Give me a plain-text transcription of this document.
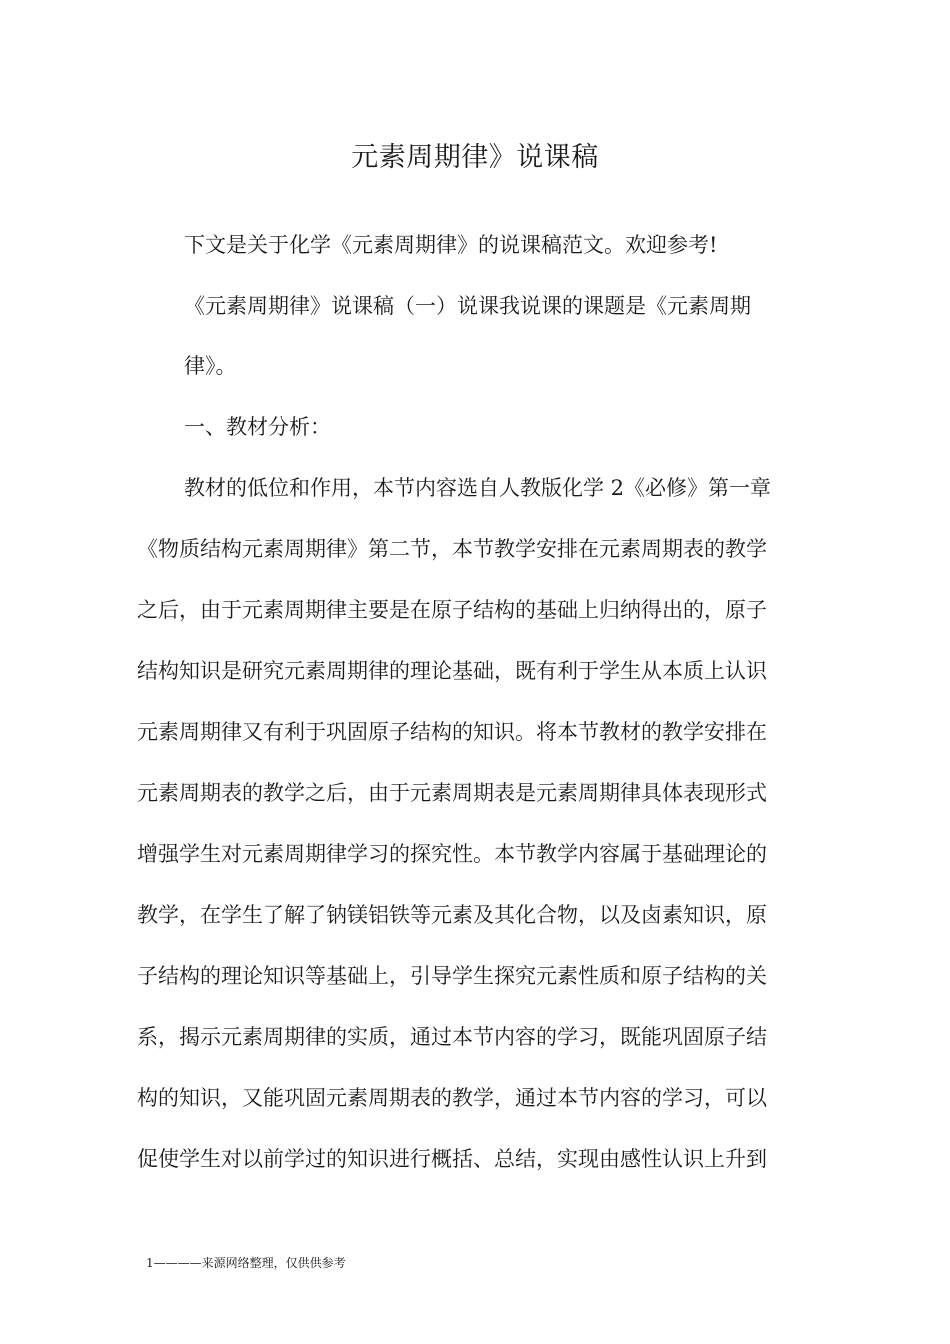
元素周期律》说课稿
下文是关于化学《元素周期律》的说课稿范文。欢迎参考!
《元素周期律》说课稿（一）说课我说课的课题是《元素周期
律》。
一、教材分析：
教材的低位和作用，本节内容选自人教版化学 2《必修》第一章
《物质结构元素周期律》第二节，本节教学安排在元素周期表的教学
之后，由于元素周期律主要是在原子结构的基础上归纳得出的，原子
结构知识是研究元素周期律的理论基础，既有利于学生从本质上认识
元素周期律又有利于巩固原子结构的知识。将本节教材的教学安排在
元素周期表的教学之后，由于元素周期表是元素周期律具体表现形式
增强学生对元素周期律学习的探究性。本节教学内容属于基础理论的
教学，在学生了解了钠镁铝铁等元素及其化合物，以及卤素知识，原
子结构的理论知识等基础上，引导学生探究元素性质和原子结构的关
系，揭示元素周期律的实质，通过本节内容的学习，既能巩固原子结
构的知识，又能巩固元素周期表的教学，通过本节内容的学习，可以
促使学生对以前学过的知识进行概括、总结，实现由感性认识上升到
1————来源网络整理，仅供供参考
